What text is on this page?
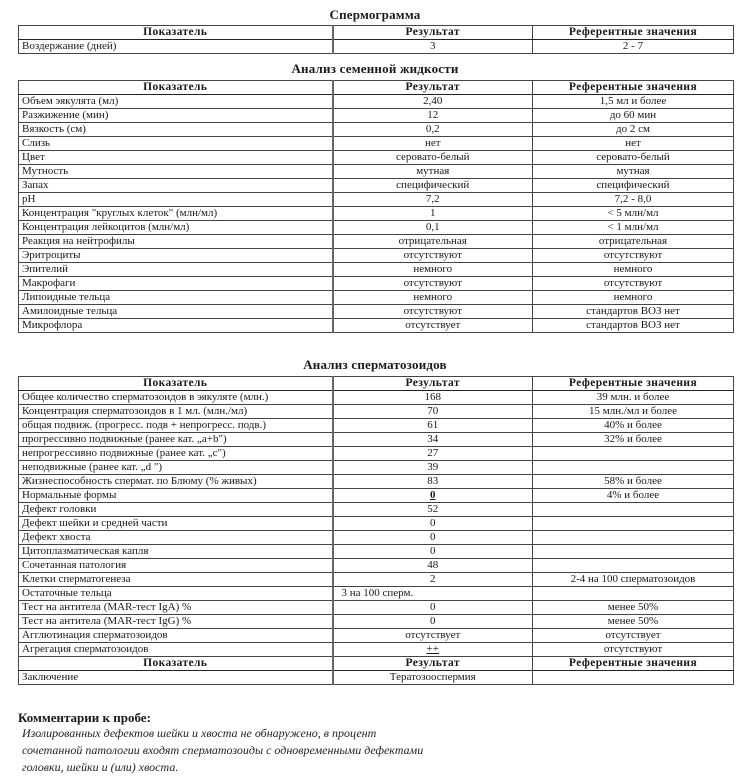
Спермограмма
Показатель	Результат	Референтные значения
Воздержание (дней)	3	2 - 7
Анализ семенной жидкости
Показатель	Результат	Референтные значения
Объем эякулята (мл)	2,40	1,5 мл и более
Разжижение (мин)	12	до 60 мин
Вязкость (см)	0,2	до 2 см
Слизь	нет	нет
Цвет	серовато-белый	серовато-белый
Мутность	мутная	мутная
Запах	специфический	специфический
pH	7,2	7,2 - 8,0
Концентрация "круглых клеток" (млн/мл)	1	< 5 млн/мл
Концентрация лейкоцитов (млн/мл)	0,1	< 1 млн/мл
Реакция на нейтрофилы	отрицательная	отрицательная
Эритроциты	отсутствуют	отсутствуют
Эпителий	немного	немного
Макрофаги	отсутствуют	отсутствуют
Липоидные тельца	немного	немного
Амилоидные тельца	отсутствуют	стандартов ВОЗ нет
Микрофлора	отсутствует	стандартов ВОЗ нет
Анализ сперматозоидов
Показатель	Результат	Референтные значения
Общее количество сперматозоидов в эякуляте (млн.)	168	39 млн. и более
Концентрация сперматозоидов в 1 мл. (млн./мл)	70	15 млн./мл и более
общая подвиж. (прогресс. подв + непрогресс. подв.)	61	40% и более
прогрессивно подвижные (ранее кат. „a+b")	34	32% и более
непрогрессивно подвижные (ранее кат. „c")	27	
неподвижные (ранее кат. „d ")	39	
Жизнеспособность спермат. по Блюму (% живых)	83	58% и более
Нормальные формы	0	4% и более
Дефект головки	52	
Дефект шейки и средней части	0	
Дефект хвоста	0	
Цитоплазматическая капля	0	
Сочетанная патология	48	
Клетки сперматогенеза	2	2-4 на 100 сперматозоидов
Остаточные тельца	3 на 100 сперм.	
Тест на антитела (MAR-тест IgA) %	0	менее 50%
Тест на антитела (MAR-тест IgG) %	0	менее 50%
Агглютинация сперматозоидов	отсутствует	отсутствует
Агрегация сперматозоидов	++	отсутствуют
Показатель	Результат	Референтные значения
Заключение	Тератозооспермия	
Комментарии к пробе:
Изолированных дефектов шейки и хвоста не обнаружено, в процент
сочетанной патологии входят сперматозоиды с одновременными дефектами
головки, шейки и (или) хвоста.
